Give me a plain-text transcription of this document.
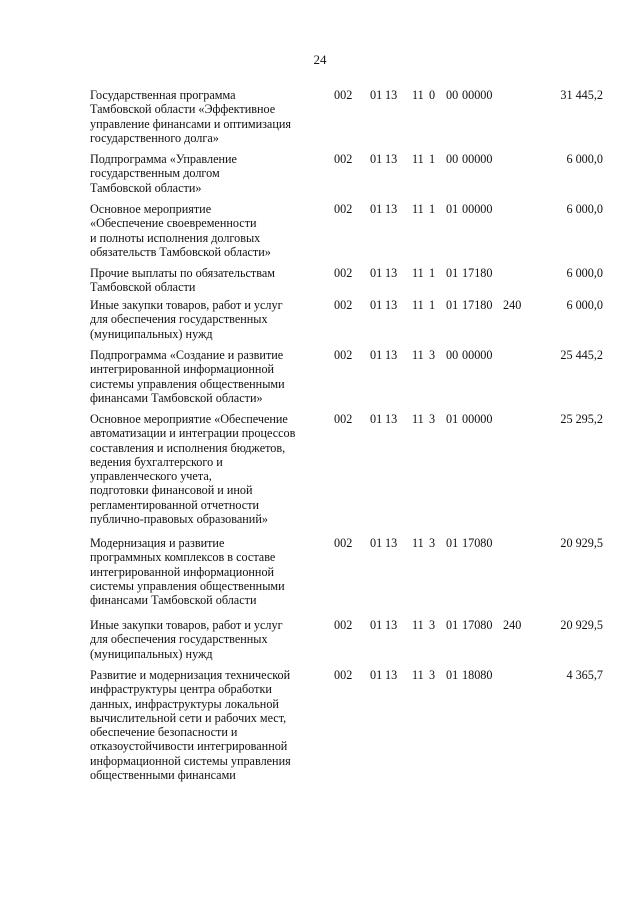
24
Государственная программа
Тамбовской области «Эффективное
управление финансами и оптимизация
государственного долга»
002 01 13 11 0 00 00000	31 445,2
Подпрограмма «Управление
государственным долгом
Тамбовской области»
002 01 13 11 1 00 00000	6 000,0
Основное мероприятие
«Обеспечение своевременности
и полноты исполнения долговых
обязательств Тамбовской области»
002 01 13 11 1 01 00000	6 000,0
Прочие выплаты по обязательствам
Тамбовской области
002 01 13 11 1 01 17180	6 000,0
Иные закупки товаров, работ и услуг
для обеспечения государственных
(муниципальных) нужд
002 01 13 11 1 01 17180 240	6 000,0
Подпрограмма «Создание и развитие
интегрированной информационной
системы управления общественными
финансами Тамбовской области»
002 01 13 11 3 00 00000	25 445,2
Основное мероприятие «Обеспечение
автоматизации и интеграции процессов
составления и исполнения бюджетов,
ведения бухгалтерского и
управленческого учета,
подготовки финансовой и иной
регламентированной отчетности
публично-правовых образований»
002 01 13 11 3 01 00000	25 295,2
Модернизация и развитие
программных комплексов в составе
интегрированной информационной
системы управления общественными
финансами Тамбовской области
002 01 13 11 3 01 17080	20 929,5
Иные закупки товаров, работ и услуг
для обеспечения государственных
(муниципальных) нужд
002 01 13 11 3 01 17080 240	20 929,5
Развитие и модернизация технической
инфраструктуры центра обработки
данных, инфраструктуры локальной
вычислительной сети и рабочих мест,
обеспечение безопасности и
отказоустойчивости интегрированной
информационной системы управления
общественными финансами
002 01 13 11 3 01 18080	4 365,7
